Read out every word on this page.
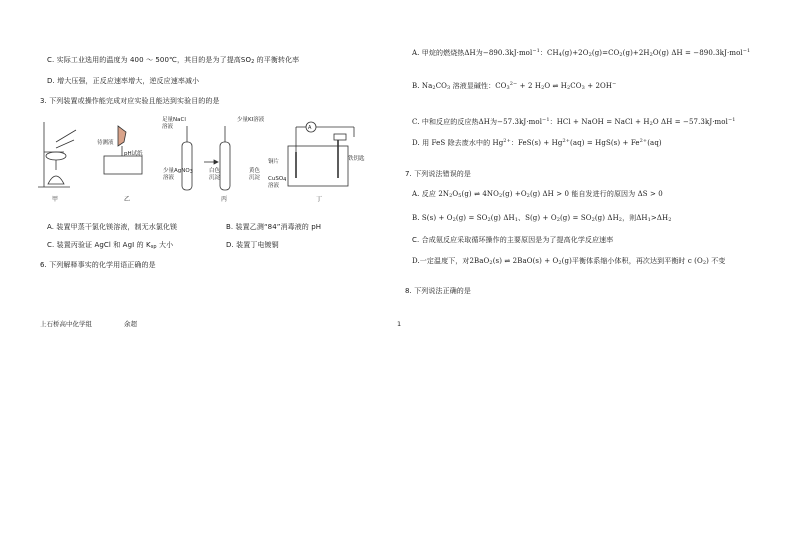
C. 实际工业选用的温度为 400 ～ 500℃，其目的是为了提高$SO_2$ 的平衡转化率
D. 增大压强，正反应速率增大，逆反应速率减小
3. 下列装置或操作能完成对应实验且能达到实验目的的是
待测液
pH试纸
足量NaCl
溶液
少量KI溶液
少量AgNO3
溶液
白色
沉淀
黄色
沉淀
A
铜片
CuSO4
溶液
铁钥匙
甲	乙	丙	丁
A. 装置甲蒸干氯化镁溶液，制无水氯化镁	B. 装置乙测“84”消毒液的 pH
C. 装置丙验证 AgCl 和 AgI 的 $K_{sp}$ 大小	D. 装置丁电镀铜
6. 下列解释事实的化学用语正确的是
上石桥高中化学组	余超
A. 甲烷的燃烧热ΔH为−890.3kJ·mol$^{-1}$：$CH_4(g)+2O_2(g)=CO_2(g)+2H_2O(g) \Delta H = -890.3kJ\cdot mol^{-1}$
B. $Na_2CO_3$ 溶液显碱性：$CO_3^{2-} + 2$ $H_2O$ ⇌ $H_2CO_3 + 2OH^-$
C. 中和反应的反应热ΔH为−57.3kJ·mol$^{-1}$：HCl + NaOH = NaCl + $H_2O$ ΔH = −57.3kJ·mol$^{-1}$
D. 用 FeS 除去废水中的 $Hg^{2+}$：$FeS(s) + Hg^{2+}(aq) = HgS(s) + Fe^{2+}(aq)$
7. 下列说法错误的是
A. 反应 $2N_2O_5(g)$ ⇌ $4NO_2(g) +O_2(g) \Delta H > 0$ 能自发进行的原因为 ΔS > 0
B. $S(s) + O_2(g) = SO_2(g)$ $\Delta H_1$、$S(g) + O_2(g) = SO_2(g)$ $\Delta H_2$，则$\Delta H_1>\Delta H_2$
C. 合成氨反应采取循环操作的主要原因是为了提高化学反应速率
D.一定温度下，对2BaO$_2$(s) ⇌ $2BaO(s) + O_2(g)$平衡体系缩小体积，再次达到平衡时 c $(O_2)$ 不变
8. 下列说法正确的是
1
